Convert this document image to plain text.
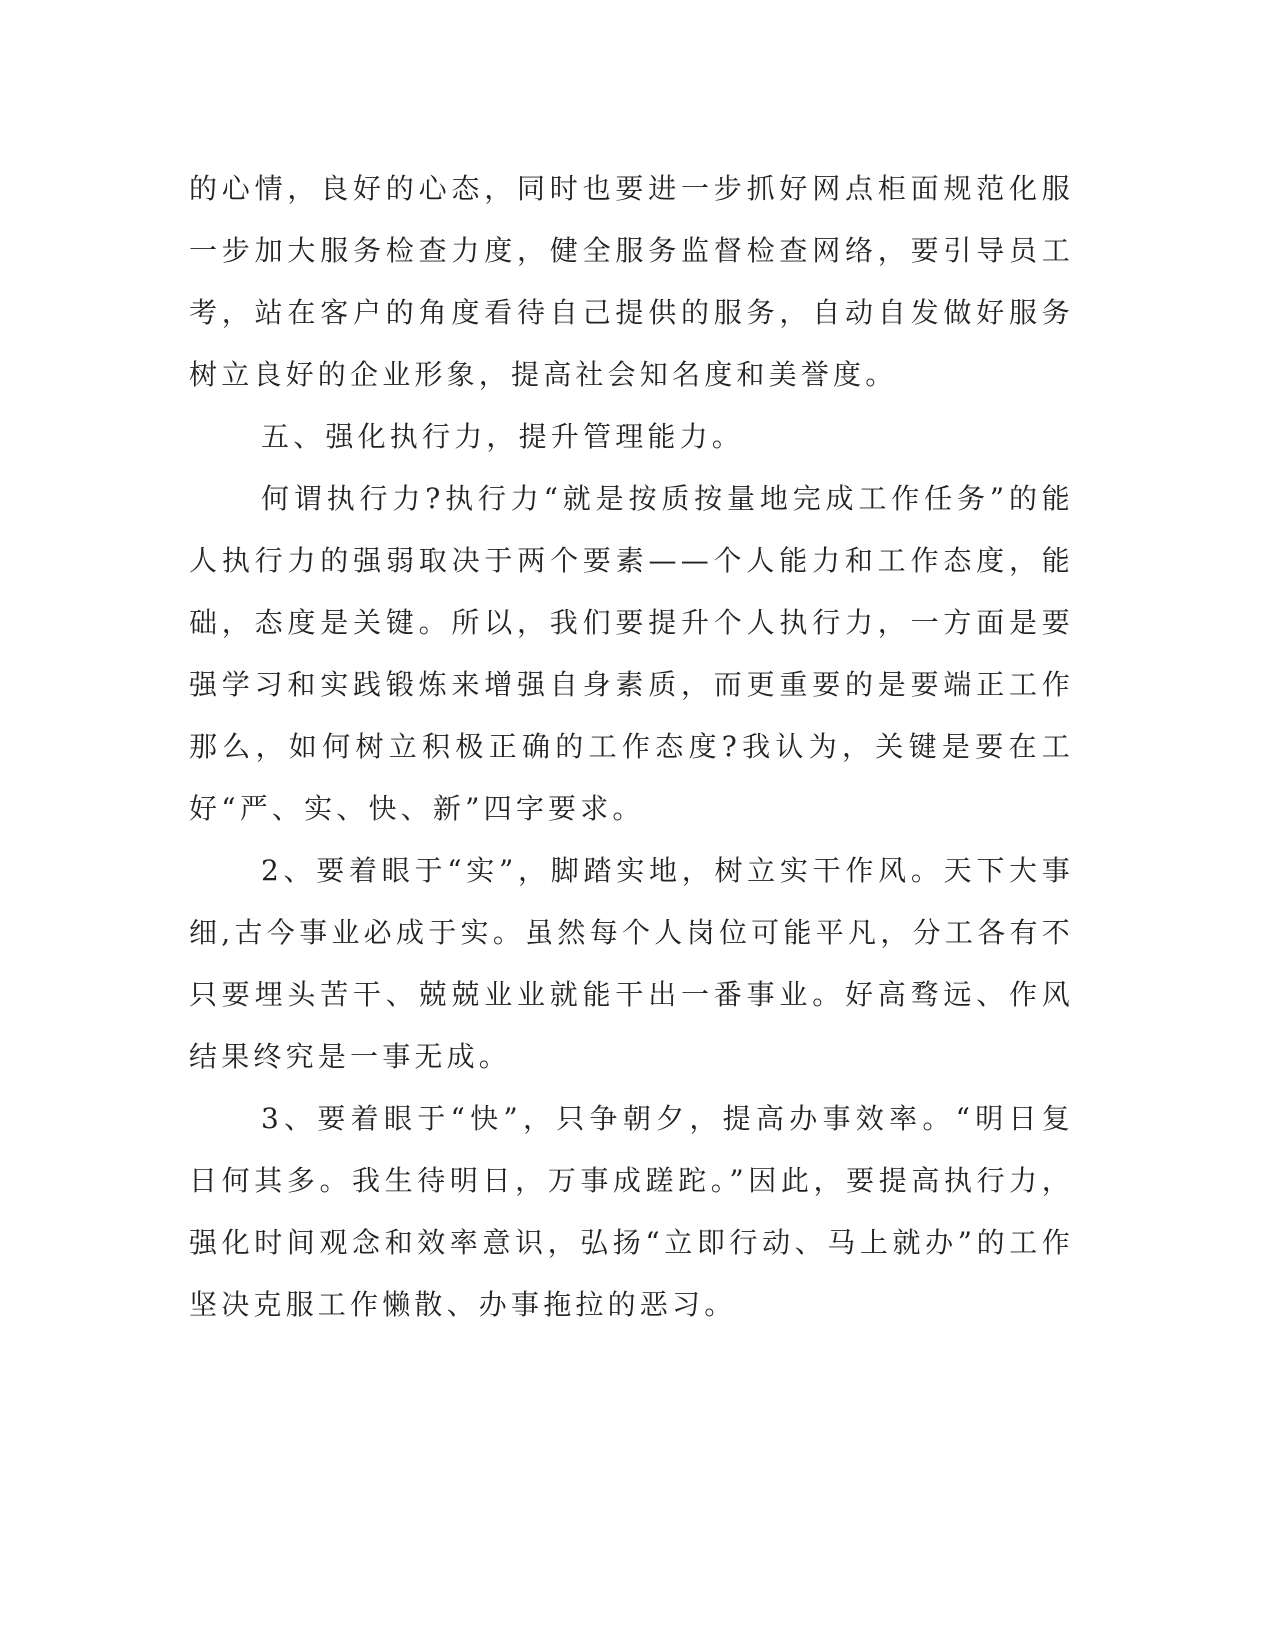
的心情，良好的心态，同时也要进一步抓好网点柜面规范化服
一步加大服务检查力度，健全服务监督检查网络，要引导员工
考，站在客户的角度看待自己提供的服务，自动自发做好服务
树立良好的企业形象，提高社会知名度和美誉度。
五、强化执行力，提升管理能力。
何谓执行力?执行力“就是按质按量地完成工作任务”的能
人执行力的强弱取决于两个要素——个人能力和工作态度，能
础，态度是关键。所以，我们要提升个人执行力，一方面是要
强学习和实践锻炼来增强自身素质，而更重要的是要端正工作
那么，如何树立积极正确的工作态度?我认为，关键是要在工
好“严、实、快、新”四字要求。
2、要着眼于“实”，脚踏实地，树立实干作风。天下大事
细,古今事业必成于实。虽然每个人岗位可能平凡，分工各有不
只要埋头苦干、兢兢业业就能干出一番事业。好高骛远、作风
结果终究是一事无成。
3、要着眼于“快”，只争朝夕，提高办事效率。“明日复
日何其多。我生待明日，万事成蹉跎。”因此，要提高执行力，
强化时间观念和效率意识，弘扬“立即行动、马上就办”的工作
坚决克服工作懒散、办事拖拉的恶习。
